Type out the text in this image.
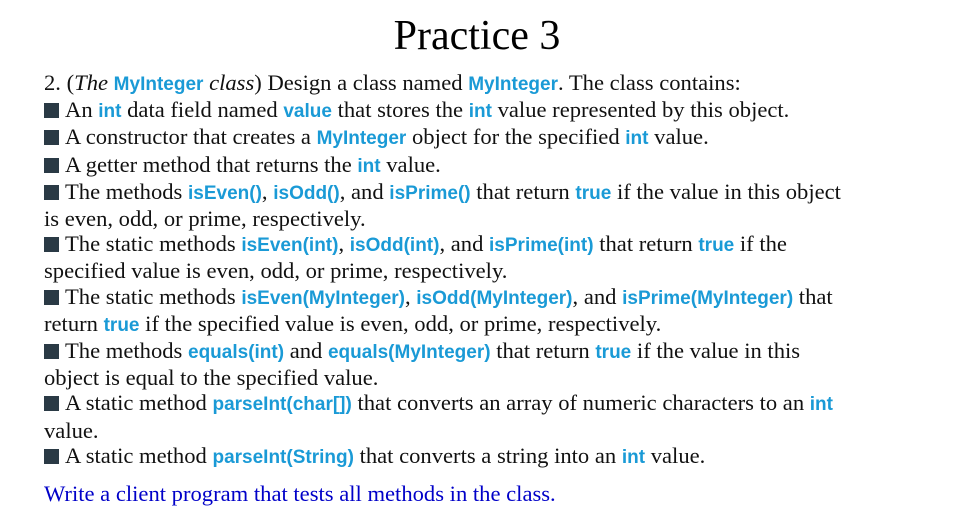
Practice 3
2. (The MyInteger class) Design a class named MyInteger. The class contains:
An int data field named value that stores the int value represented by this object.
A constructor that creates a MyInteger object for the specified int value.
A getter method that returns the int value.
The methods isEven(), isOdd(), and isPrime() that return true if the value in this object
is even, odd, or prime, respectively.
The static methods isEven(int), isOdd(int), and isPrime(int) that return true if the
specified value is even, odd, or prime, respectively.
The static methods isEven(MyInteger), isOdd(MyInteger), and isPrime(MyInteger) that
return true if the specified value is even, odd, or prime, respectively.
The methods equals(int) and equals(MyInteger) that return true if the value in this
object is equal to the specified value.
A static method parseInt(char[]) that converts an array of numeric characters to an int
value.
A static method parseInt(String) that converts a string into an int value.
Write a client program that tests all methods in the class.
